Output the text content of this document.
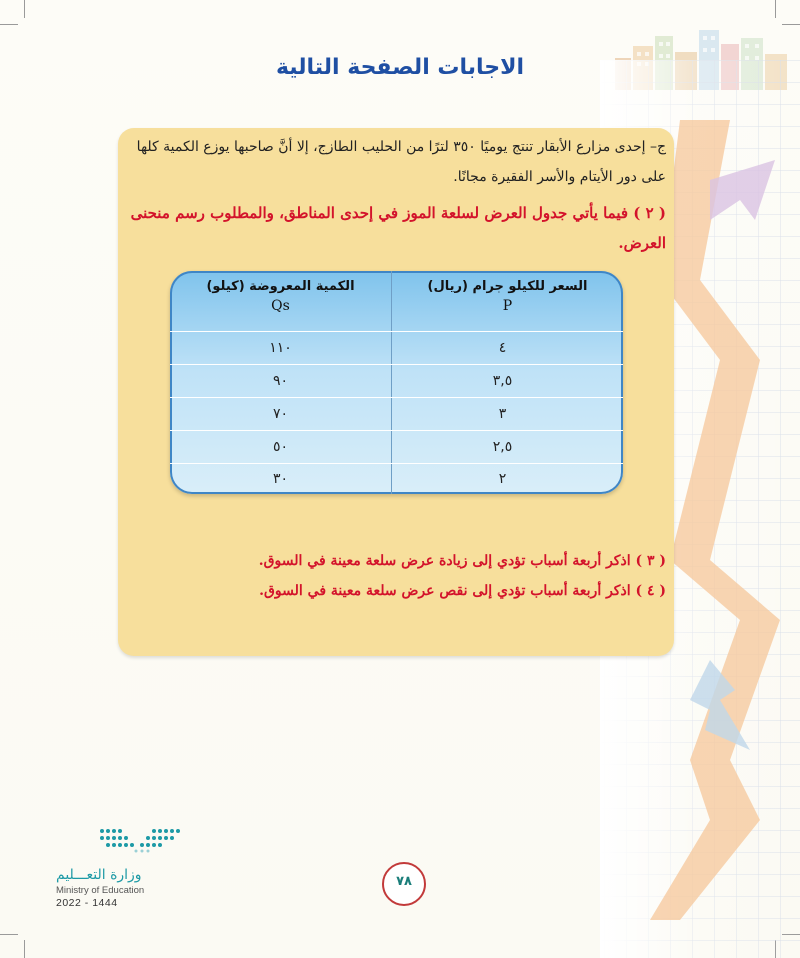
الاجابات الصفحة التالية
ج– إحدى مزارع الأبقار تنتج يوميًا ٣٥٠ لترًا من الحليب الطازج، إلا أنَّ صاحبها يوزع الكمية كلها على دور الأيتام والأسر الفقيرة مجانًا.
( ٢ ) فيما يأتي جدول العرض لسلعة الموز في إحدى المناطق، والمطلوب رسم منحنى العرض.
السعر للكيلو جرام (ريال)
P
الكمية المعروضة (كيلو)
Qs
٤
١١٠
٣,٥
٩٠
٣
٧٠
٢,٥
٥٠
٢
٣٠
( ٣ ) اذكر أربعة أسباب تؤدي إلى زيادة عرض سلعة معينة في السوق.
( ٤ ) اذكر أربعة أسباب تؤدي إلى نقص عرض سلعة معينة في السوق.
وزارة التعـــليم
Ministry of Education
2022 - 1444
٧٨
